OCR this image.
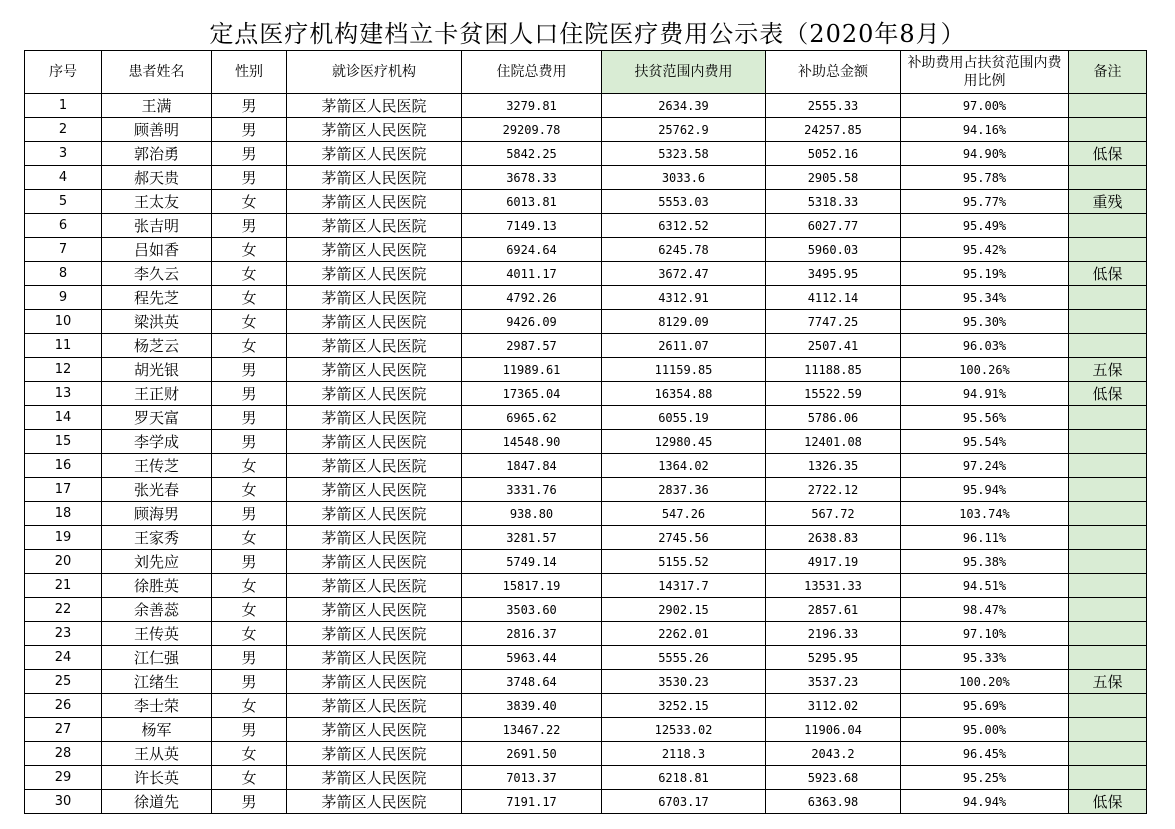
定点医疗机构建档立卡贫困人口住院医疗费用公示表（2020年8月）
序号	患者姓名	性别	就诊医疗机构	住院总费用	扶贫范围内费用	补助总金额	补助费用占扶贫范围内费用比例	备注
1	王满	男	茅箭区人民医院	3279.81	2634.39	2555.33	97.00%	
2	顾善明	男	茅箭区人民医院	29209.78	25762.9	24257.85	94.16%	
3	郭治勇	男	茅箭区人民医院	5842.25	5323.58	5052.16	94.90%	低保
4	郝天贵	男	茅箭区人民医院	3678.33	3033.6	2905.58	95.78%	
5	王太友	女	茅箭区人民医院	6013.81	5553.03	5318.33	95.77%	重残
6	张吉明	男	茅箭区人民医院	7149.13	6312.52	6027.77	95.49%	
7	吕如香	女	茅箭区人民医院	6924.64	6245.78	5960.03	95.42%	
8	李久云	女	茅箭区人民医院	4011.17	3672.47	3495.95	95.19%	低保
9	程先芝	女	茅箭区人民医院	4792.26	4312.91	4112.14	95.34%	
10	梁洪英	女	茅箭区人民医院	9426.09	8129.09	7747.25	95.30%	
11	杨芝云	女	茅箭区人民医院	2987.57	2611.07	2507.41	96.03%	
12	胡光银	男	茅箭区人民医院	11989.61	11159.85	11188.85	100.26%	五保
13	王正财	男	茅箭区人民医院	17365.04	16354.88	15522.59	94.91%	低保
14	罗天富	男	茅箭区人民医院	6965.62	6055.19	5786.06	95.56%	
15	李学成	男	茅箭区人民医院	14548.90	12980.45	12401.08	95.54%	
16	王传芝	女	茅箭区人民医院	1847.84	1364.02	1326.35	97.24%	
17	张光春	女	茅箭区人民医院	3331.76	2837.36	2722.12	95.94%	
18	顾海男	男	茅箭区人民医院	938.80	547.26	567.72	103.74%	
19	王家秀	女	茅箭区人民医院	3281.57	2745.56	2638.83	96.11%	
20	刘先应	男	茅箭区人民医院	5749.14	5155.52	4917.19	95.38%	
21	徐胜英	女	茅箭区人民医院	15817.19	14317.7	13531.33	94.51%	
22	余善蕊	女	茅箭区人民医院	3503.60	2902.15	2857.61	98.47%	
23	王传英	女	茅箭区人民医院	2816.37	2262.01	2196.33	97.10%	
24	江仁强	男	茅箭区人民医院	5963.44	5555.26	5295.95	95.33%	
25	江绪生	男	茅箭区人民医院	3748.64	3530.23	3537.23	100.20%	五保
26	李士荣	女	茅箭区人民医院	3839.40	3252.15	3112.02	95.69%	
27	杨军	男	茅箭区人民医院	13467.22	12533.02	11906.04	95.00%	
28	王从英	女	茅箭区人民医院	2691.50	2118.3	2043.2	96.45%	
29	许长英	女	茅箭区人民医院	7013.37	6218.81	5923.68	95.25%	
30	徐道先	男	茅箭区人民医院	7191.17	6703.17	6363.98	94.94%	低保
